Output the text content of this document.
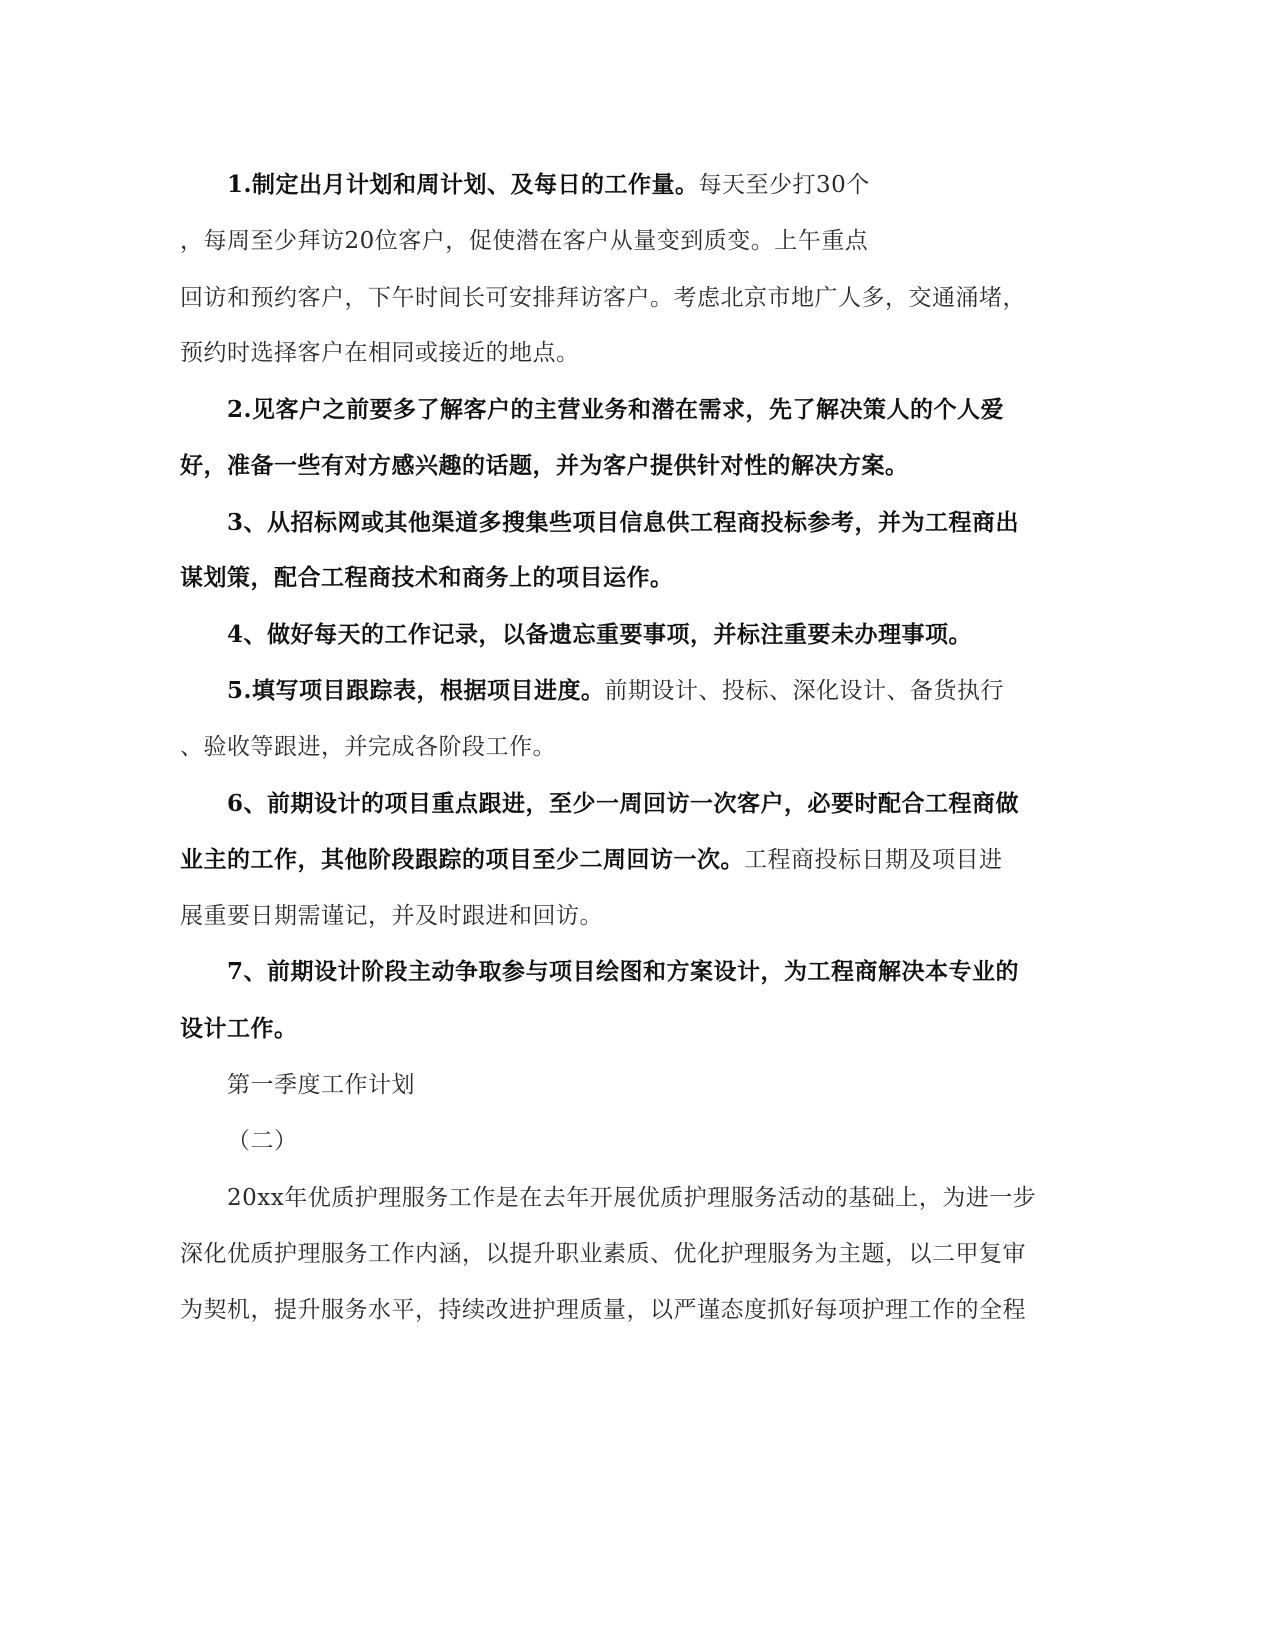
1.制定出月计划和周计划、及每日的工作量。每天至少打30个
，每周至少拜访20位客户，促使潜在客户从量变到质变。上午重点
回访和预约客户，下午时间长可安排拜访客户。考虑北京市地广人多，交通涌堵，
预约时选择客户在相同或接近的地点。
2.见客户之前要多了解客户的主营业务和潜在需求，先了解决策人的个人爱
好，准备一些有对方感兴趣的话题，并为客户提供针对性的解决方案。
3、从招标网或其他渠道多搜集些项目信息供工程商投标参考，并为工程商出
谋划策，配合工程商技术和商务上的项目运作。
4、做好每天的工作记录，以备遗忘重要事项，并标注重要未办理事项。
5.填写项目跟踪表，根据项目进度。前期设计、投标、深化设计、备货执行
、验收等跟进，并完成各阶段工作。
6、前期设计的项目重点跟进，至少一周回访一次客户，必要时配合工程商做
业主的工作，其他阶段跟踪的项目至少二周回访一次。工程商投标日期及项目进
展重要日期需谨记，并及时跟进和回访。
7、前期设计阶段主动争取参与项目绘图和方案设计，为工程商解决本专业的
设计工作。
第一季度工作计划
（二）
20xx年优质护理服务工作是在去年开展优质护理服务活动的基础上，为进一步
深化优质护理服务工作内涵，以提升职业素质、优化护理服务为主题，以二甲复审
为契机，提升服务水平，持续改进护理质量，以严谨态度抓好每项护理工作的全程
